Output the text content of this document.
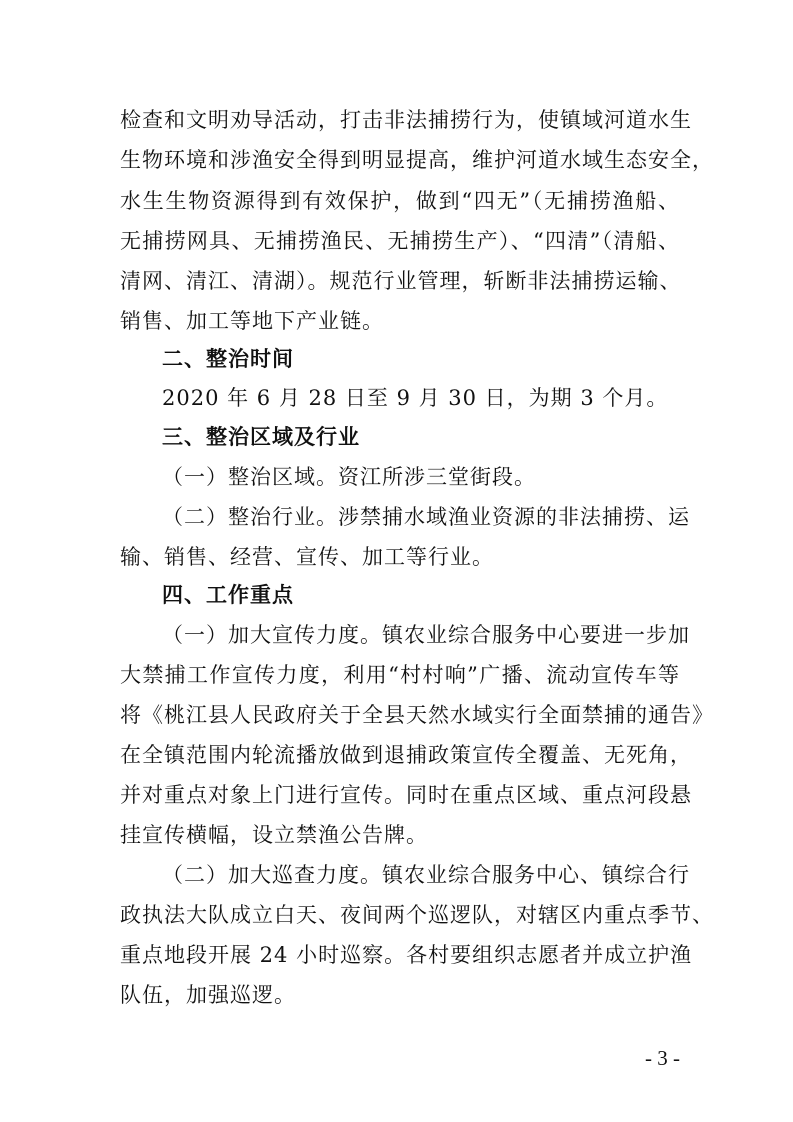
检查和文明劝导活动，打击非法捕捞行为，使镇域河道水生

生物环境和涉渔安全得到明显提高，维护河道水域生态安全，

水生生物资源得到有效保护，做到“四无”（无捕捞渔船、

无捕捞网具、无捕捞渔民、无捕捞生产）、“四清”（清船、

清网、清江、清湖）。规范行业管理，斩断非法捕捞运输、

销售、加工等地下产业链。

二、整治时间

2020 年 6 月 28 日至 9 月 30 日，为期 3 个月。

三、整治区域及行业

（一）整治区域。资江所涉三堂街段。

（二）整治行业。涉禁捕水域渔业资源的非法捕捞、运

输、销售、经营、宣传、加工等行业。

四、工作重点

（一）加大宣传力度。镇农业综合服务中心要进一步加

大禁捕工作宣传力度，利用“村村响”广播、流动宣传车等

将《桃江县人民政府关于全县天然水域实行全面禁捕的通告》

在全镇范围内轮流播放做到退捕政策宣传全覆盖、无死角，

并对重点对象上门进行宣传。同时在重点区域、重点河段悬

挂宣传横幅，设立禁渔公告牌。

（二）加大巡查力度。镇农业综合服务中心、镇综合行

政执法大队成立白天、夜间两个巡逻队，对辖区内重点季节、

重点地段开展 24 小时巡察。各村要组织志愿者并成立护渔

队伍，加强巡逻。

- 3 -
